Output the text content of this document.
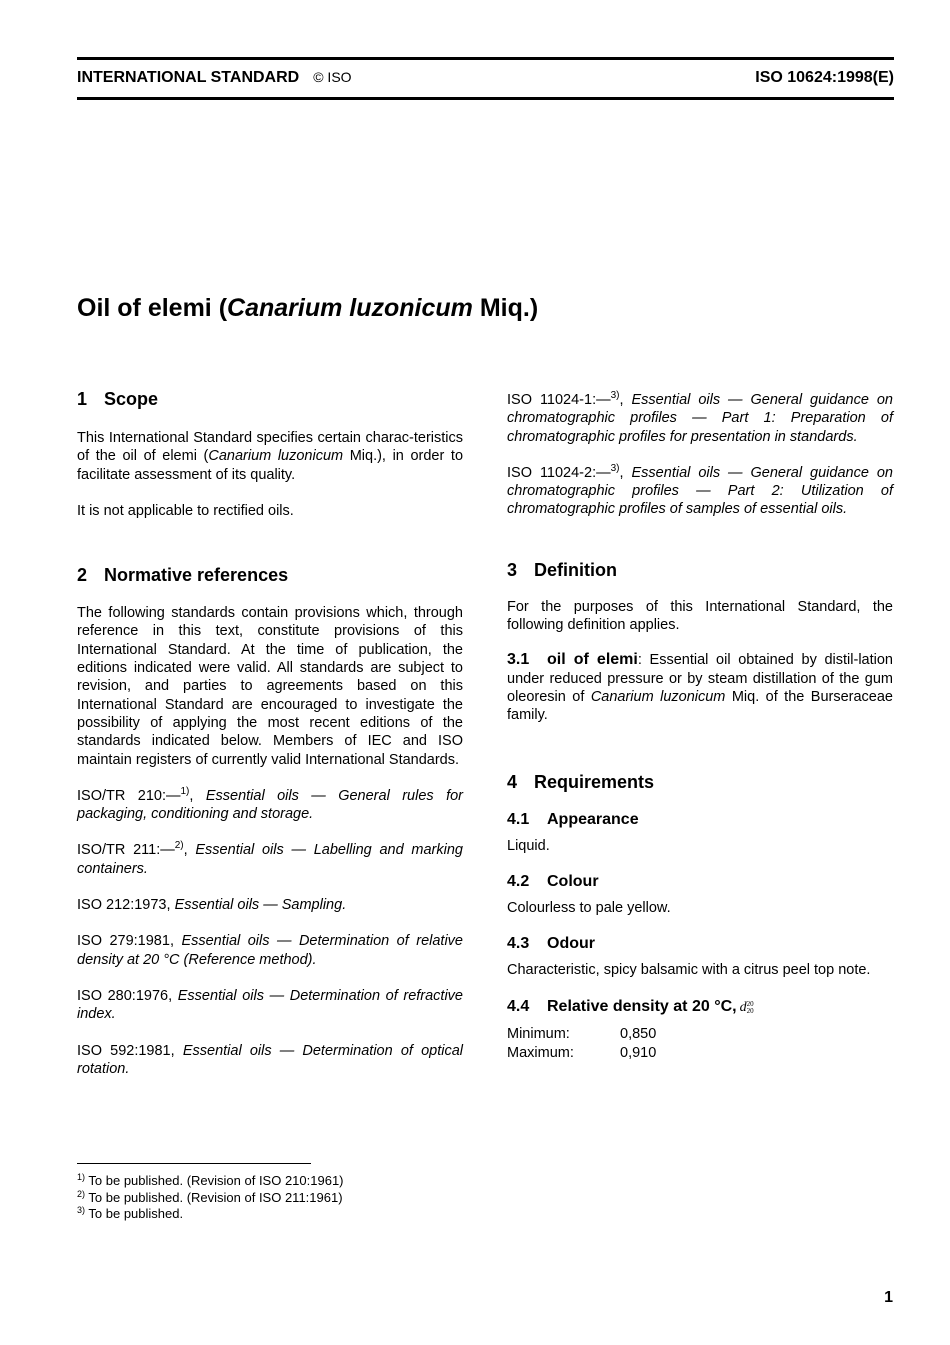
INTERNATIONAL STANDARD © ISO	ISO 10624:1998(E)
Oil of elemi (Canarium luzonicum Miq.)
1 Scope

This International Standard specifies certain charac-teristics of the oil of elemi (Canarium luzonicum Miq.), in order to facilitate assessment of its quality.

It is not applicable to rectified oils.

2 Normative references

The following standards contain provisions which, through reference in this text, constitute provisions of this International Standard. At the time of publication, the editions indicated were valid. All standards are subject to revision, and parties to agreements based on this International Standard are encouraged to investigate the possibility of applying the most recent editions of the standards indicated below. Members of IEC and ISO maintain registers of currently valid International Standards.

ISO/TR 210:—$^{1)}$, Essential oils — General rules for packaging, conditioning and storage.

ISO/TR 211:—$^{2)}$, Essential oils — Labelling and marking containers.

ISO 212:1973, Essential oils — Sampling.

ISO 279:1981, Essential oils — Determination of relative density at 20 °C (Reference method).

ISO 280:1976, Essential oils — Determination of refractive index.

ISO 592:1981, Essential oils — Determination of optical rotation.

ISO 11024-1:—$^{3)}$, Essential oils — General guidance on chromatographic profiles — Part 1: Preparation of chromatographic profiles for presentation in standards.

ISO 11024-2:—$^{3)}$, Essential oils — General guidance on chromatographic profiles — Part 2: Utilization of chromatographic profiles of samples of essential oils.

3 Definition

For the purposes of this International Standard, the following definition applies.

3.1 oil of elemi: Essential oil obtained by distil-lation under reduced pressure or by steam distillation of the gum oleoresin of Canarium luzonicum Miq. of the Burseraceae family.

4 Requirements
4.1 Appearance

Liquid.

4.2 Colour

Colourless to pale yellow.

4.3 Odour

Characteristic, spicy balsamic with a citrus peel top note.

4.4 Relative density at 20 °C, d20
20
Minimum:	0,850
Maximum:	0,910
$^{1)}$ To be published. (Revision of ISO 210:1961)
$^{2)}$ To be published. (Revision of ISO 211:1961)
$^{3)}$ To be published.
1
